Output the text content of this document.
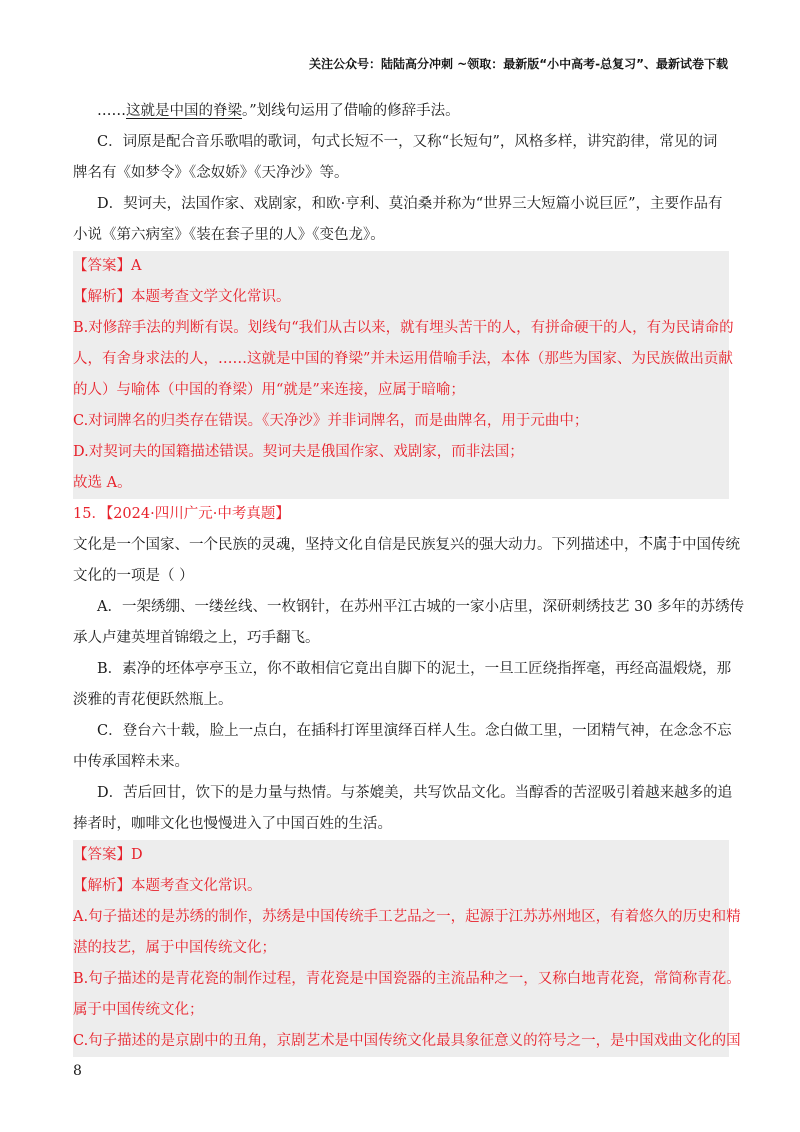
关注公众号：陆陆高分冲刺 ~领取：最新版“小中高考-总复习”、最新试卷下载
……这就是中国的脊梁。”划线句运用了借喻的修辞手法。
C．词原是配合音乐歌唱的歌词，句式长短不一，又称“长短句”，风格多样，讲究韵律，常见的词
牌名有《如梦令》《念奴娇》《天净沙》等。
D．契诃夫，法国作家、戏剧家，和欧·亨利、莫泊桑并称为“世界三大短篇小说巨匠”，主要作品有
小说《第六病室》《装在套子里的人》《变色龙》。
【答案】A
【解析】本题考查文学文化常识。
B.对修辞手法的判断有误。划线句“我们从古以来，就有埋头苦干的人，有拼命硬干的人，有为民请命的
人，有舍身求法的人，……这就是中国的脊梁”并未运用借喻手法，本体（那些为国家、为民族做出贡献
的人）与喻体（中国的脊梁）用“就是”来连接，应属于暗喻；
C.对词牌名的归类存在错误。《天净沙》并非词牌名，而是曲牌名，用于元曲中；
D.对契诃夫的国籍描述错误。契诃夫是俄国作家、戏剧家，而非法国；
故选 A。
15．【2024·四川广元·中考真题】
文化是一个国家、一个民族的灵魂，坚持文化自信是民族复兴的强大动力。下列描述中，不属于中国传统
文化的一项是（ ）
A．一架绣绷、一缕丝线、一枚钢针，在苏州平江古城的一家小店里，深研刺绣技艺 30 多年的苏绣传
承人卢建英埋首锦缎之上，巧手翻飞。
B．素净的坯体亭亭玉立，你不敢相信它竟出自脚下的泥土，一旦工匠绕指挥毫，再经高温煅烧，那
淡雅的青花便跃然瓶上。
C．登台六十载，脸上一点白，在插科打诨里演绎百样人生。念白做工里，一团精气神，在念念不忘
中传承国粹未来。
D．苦后回甘，饮下的是力量与热情。与茶媲美，共写饮品文化。当醇香的苦涩吸引着越来越多的追
捧者时，咖啡文化也慢慢进入了中国百姓的生活。
【答案】D
【解析】本题考查文化常识。
A.句子描述的是苏绣的制作，苏绣是中国传统手工艺品之一，起源于江苏苏州地区，有着悠久的历史和精
湛的技艺，属于中国传统文化；
B.句子描述的是青花瓷的制作过程，青花瓷是中国瓷器的主流品种之一，又称白地青花瓷，常简称青花。
属于中国传统文化；
C.句子描述的是京剧中的丑角，京剧艺术是中国传统文化最具象征意义的符号之一，是中国戏曲文化的国
8
